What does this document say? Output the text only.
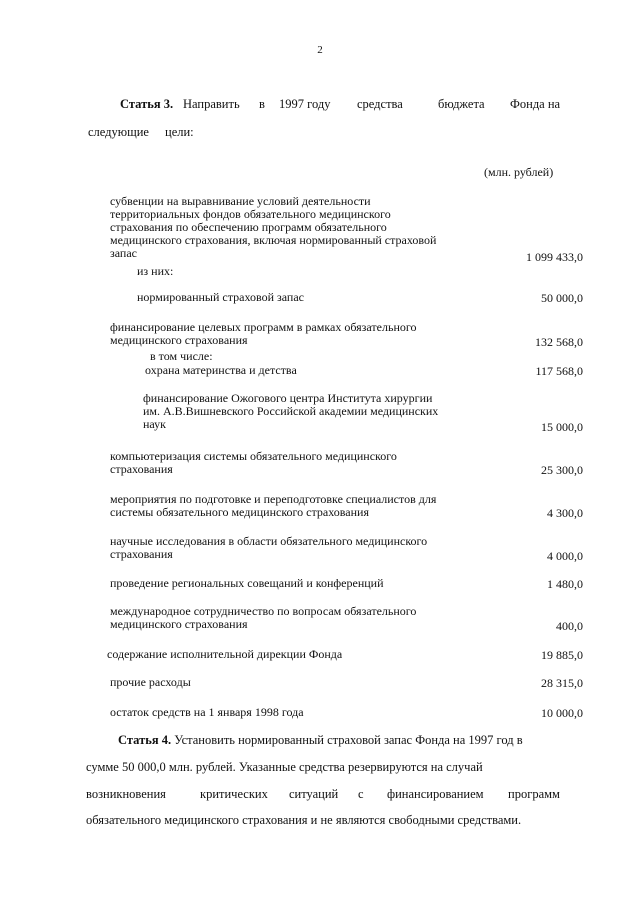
2
Статья 3. Направить в 1997 году средства	бюджета Фонда на
следующие цели:
(млн. рублей)
субвенции на выравнивание условий деятельности
территориальных фондов обязательного медицинского
страхования по обеспечению программ обязательного
медицинского страхования, включая нормированный страховой
запас	1 099 433,0
из них:
нормированный страховой запас	50 000,0
финансирование целевых программ в рамках обязательного
медицинского страхования	132 568,0
в том числе:
охрана материнства и детства	117 568,0
финансирование Ожогового центра Института хирургии
им. А.В.Вишневского Российской академии медицинских
наук	15 000,0
компьютеризация системы обязательного медицинского
страхования	25 300,0
мероприятия по подготовке и переподготовке специалистов для
системы обязательного медицинского страхования	4 300,0
научные исследования в области обязательного медицинского
страхования	4 000,0
проведение региональных совещаний и конференций	1 480,0
международное сотрудничество по вопросам обязательного
медицинского страхования	400,0
содержание исполнительной дирекции Фонда	19 885,0
прочие расходы	28 315,0
остаток средств на 1 января 1998 года	10 000,0
Статья 4. Установить нормированный страховой запас Фонда на 1997 год в
сумме 50 000,0 млн. рублей. Указанные средства резервируются на случай
возникновения	критических ситуаций с финансированием программ
обязательного медицинского страхования и не являются свободными средствами.
